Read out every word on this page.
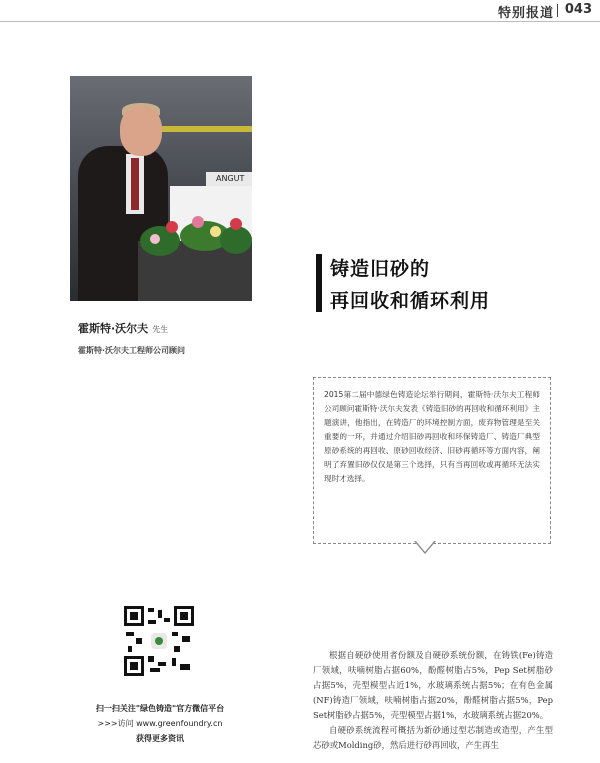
特别报道 043
ANGUT
霍斯特·沃尔夫 先生
霍斯特·沃尔夫工程师公司顾问
铸造旧砂的
再回收和循环利用
2015第二届中德绿色铸造论坛举行期间，霍斯特·沃尔夫工程师公司顾问霍斯特·沃尔夫发表《铸造旧砂的再回收和循环利用》主题演讲，他指出，在铸造厂的环境控制方面，废弃物管理是至关重要的一环，并通过介绍旧砂再回收和环保铸造厂、铸造厂典型原砂系统的再回收、原砂回收经济、旧砂再循环等方面内容，阐明了弃置旧砂仅仅是第三个选择，只有当再回收或再循环无法实现时才选择。
扫一扫关注"绿色铸造"官方微信平台
>>>访问 www.greenfoundry.cn
获得更多资讯

根据自硬砂使用者份额及自硬砂系统份额，在铸铁(Fe)铸造厂领域，呋喃树脂占据60%，酚醛树脂占5%，Pep Set树脂砂占据5%，壳型模型占近1%，水玻璃系统占据5%；在有色金属(NF)铸造厂领域，呋喃树脂占据20%，酚醛树脂占据5%，Pep Set树脂砂占据5%，壳型模型占据1%，水玻璃系统占据20%。

自硬砂系统流程可概括为新砂通过型芯制造或造型，产生型芯砂或Molding砂，然后进行砂再回收，产生再生
